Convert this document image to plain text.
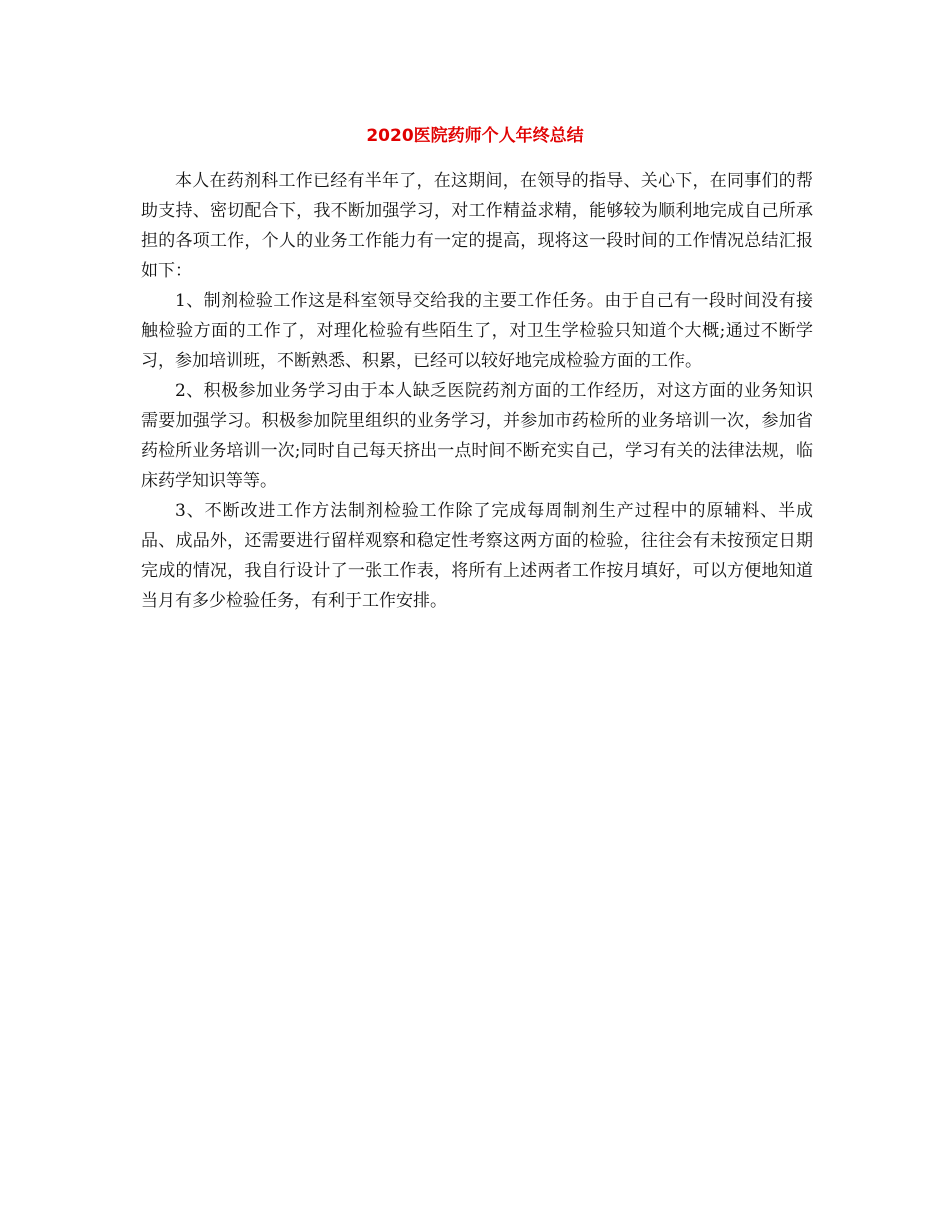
2020医院药师个人年终总结

本人在药剂科工作已经有半年了，在这期间，在领导的指导、关心下，在同事们的帮助支持、密切配合下，我不断加强学习，对工作精益求精，能够较为顺利地完成自己所承担的各项工作，个人的业务工作能力有一定的提高，现将这一段时间的工作情况总结汇报如下：

1、制剂检验工作这是科室领导交给我的主要工作任务。由于自己有一段时间没有接触检验方面的工作了，对理化检验有些陌生了，对卫生学检验只知道个大概;通过不断学习，参加培训班，不断熟悉、积累，已经可以较好地完成检验方面的工作。

2、积极参加业务学习由于本人缺乏医院药剂方面的工作经历，对这方面的业务知识需要加强学习。积极参加院里组织的业务学习，并参加市药检所的业务培训一次，参加省药检所业务培训一次;同时自己每天挤出一点时间不断充实自己，学习有关的法律法规，临床药学知识等等。

3、不断改进工作方法制剂检验工作除了完成每周制剂生产过程中的原辅料、半成品、成品外，还需要进行留样观察和稳定性考察这两方面的检验，往往会有未按预定日期完成的情况，我自行设计了一张工作表，将所有上述两者工作按月填好，可以方便地知道当月有多少检验任务，有利于工作安排。
